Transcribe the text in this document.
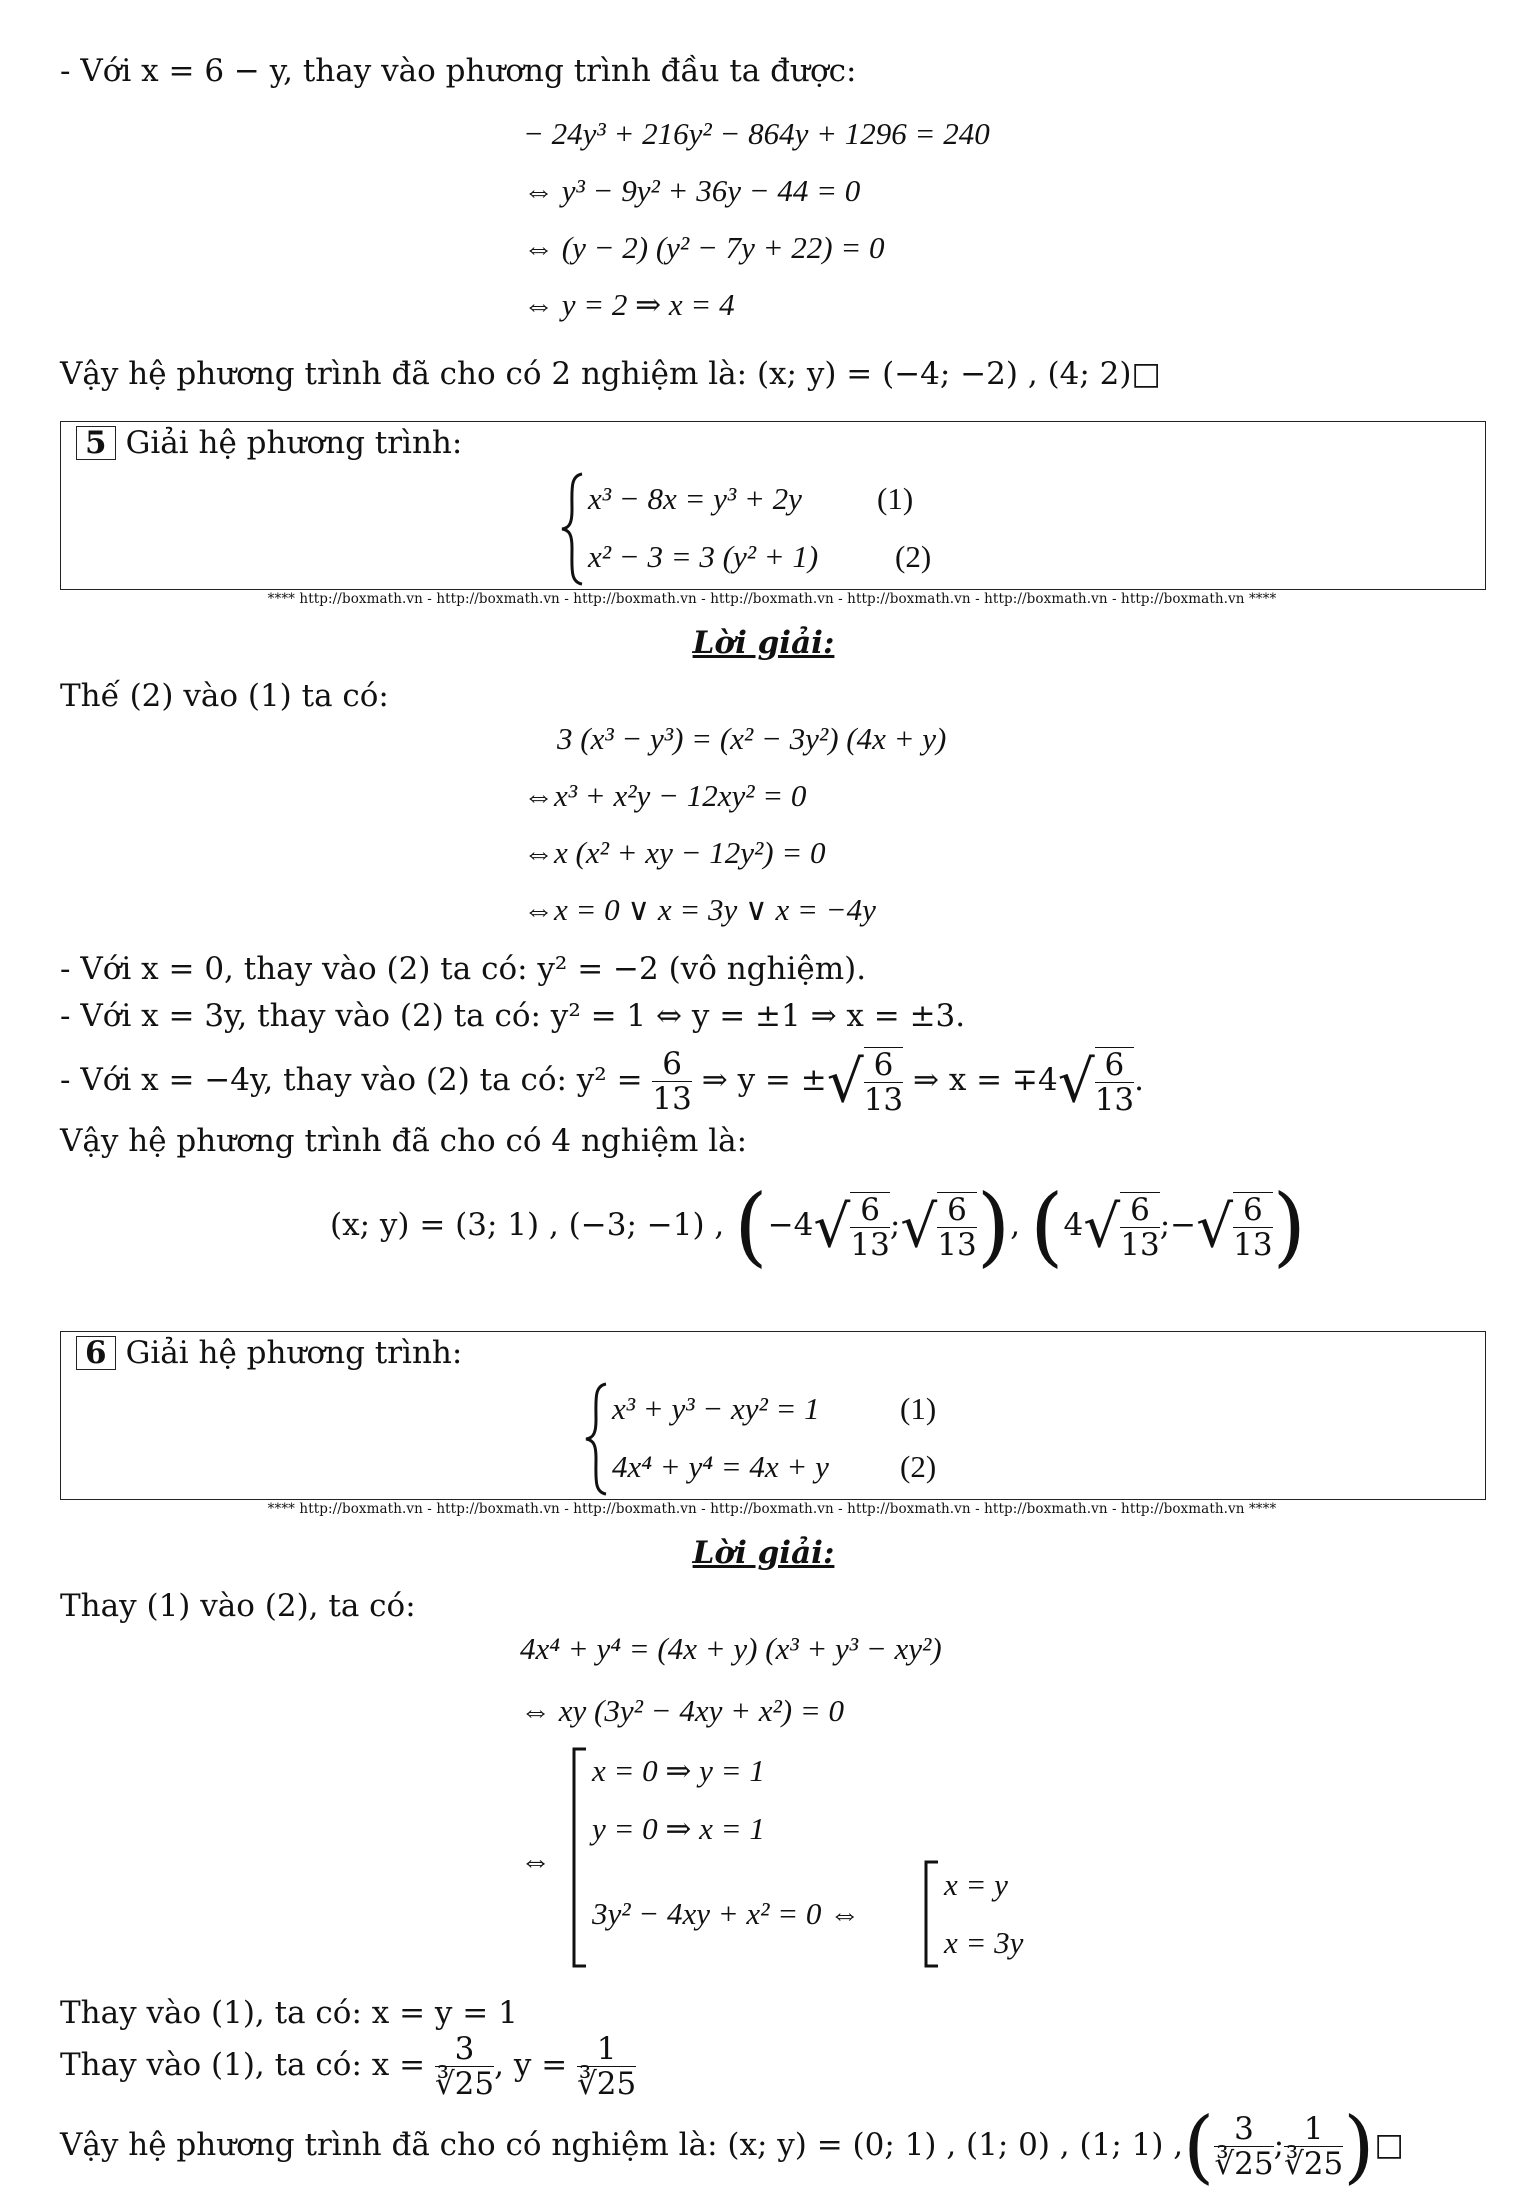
- Với x = 6 − y, thay vào phương trình đầu ta được:
− 24y³ + 216y² − 864y + 1296 = 240
⇔ y³ − 9y² + 36y − 44 = 0
⇔ (y − 2) (y² − 7y + 22) = 0
⇔ y = 2 ⇒ x = 4
Vậy hệ phương trình đã cho có 2 nghiệm là: (x; y) = (−4; −2) , (4; 2)□
5 Giải hệ phương trình:
x³ − 8x = y³ + 2y (1)
x² − 3 = 3 (y² + 1) (2)
**** http://boxmath.vn - http://boxmath.vn - http://boxmath.vn - http://boxmath.vn - http://boxmath.vn - http://boxmath.vn - http://boxmath.vn ****
Lời giải:
Thế (2) vào (1) ta có:
3 (x³ − y³) = (x² − 3y²) (4x + y)
⇔x³ + x²y − 12xy² = 0
⇔x (x² + xy − 12y²) = 0
⇔x = 0 ∨ x = 3y ∨ x = −4y
- Với x = 0, thay vào (2) ta có: y² = −2 (vô nghiệm).
- Với x = 3y, thay vào (2) ta có: y² = 1 ⇔ y = ±1 ⇒ x = ±3.
- Với x = −4y, thay vào (2) ta có: $y^2 = \frac{6}{13}$ ⇒ y = ±√ $\frac{6}{13}$ ⇒ $x = \mp 4√ \frac{6}{13}$ .
Vậy hệ phương trình đã cho có 4 nghiệm là:
(x; y) = (3; 1) , (−3; −1) , ($-4√ \frac{6}{13}$ ;√ $\frac{6}{13}$ ), ($4√ \frac{6}{13}$ ;−√ $\frac{6}{13}$ )
6 Giải hệ phương trình:
x³ + y³ − xy² = 1	(1)
4x⁴ + y⁴ = 4x + y (2)
**** http://boxmath.vn - http://boxmath.vn - http://boxmath.vn - http://boxmath.vn - http://boxmath.vn - http://boxmath.vn - http://boxmath.vn ****
Lời giải:
Thay (1) vào (2), ta có:
4x⁴ + y⁴ = (4x + y) (x³ + y³ − xy²)
⇔ xy (3y² − 4xy + x²) = 0
⇔
x = 0 ⇒ y = 1
y = 0 ⇒ x = 1
3y² − 4xy + x² = 0 ⇔
x = y
x = 3y
Thay vào (1), ta có: x = y = 1
Thay vào (1), ta có: $x = \frac{3}{∛25}$ , $y = \frac{1}{∛25}$
Vậy hệ phương trình đã cho có nghiệm là: (x; y) = (0; 1) , (1; 0) , (1; 1) ,( $\frac{3}{∛25}$ ; $\frac{1}{∛25}$ )□
